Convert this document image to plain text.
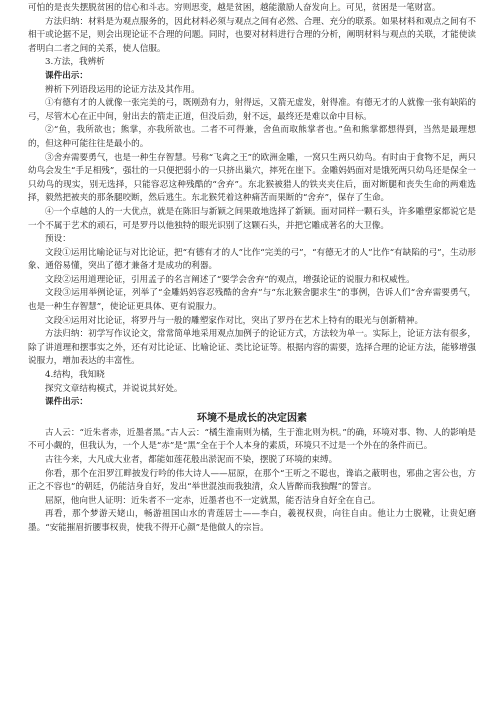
可怕的是丧失摆脱贫困的信心和斗志。穷则思变，越是贫困，越能激励人奋发向上。可见，贫困是一笔财富。

方法归纳：材料是为观点服务的，因此材料必须与观点之间有必然、合理、充分的联系。如果材料和观点之间有不相干或论据不足，则会出现论证不合理的问题。同时，也要对材料进行合理的分析，阐明材料与观点的关联，才能使读者明白二者之间的关系，使人信服。

3.方法，我辨析

课件出示：

辨析下列语段运用的论证方法及其作用。

①有德有才的人就像一张完美的弓，既刚劲有力，射得远，又箭无虚发，射得准。有德无才的人就像一张有缺陷的弓，尽管木心在正中间，射出去的箭走正道，但没后劲，射不远，最终还是难以命中目标。

②“鱼，我所欲也；熊掌，亦我所欲也。二者不可得兼，舍鱼而取熊掌者也。”鱼和熊掌都想得到，当然是最理想的，但这种可能往往是最小的。

③舍弃需要勇气，也是一种生存智慧。号称“飞禽之王”的欧洲金雕，一窝只生两只幼鸟。有时由于食物不足，两只幼鸟会发生“手足相残”，强壮的一只便把弱小的一只挤出巢穴，摔死在崖下。金雕妈妈面对是饿死两只幼鸟还是保全一只幼鸟的现实，别无选择，只能容忍这种残酷的“舍弃”。东北猴被猎人的铁夹夹住后，面对断腿和丧失生命的两难选择，毅然把被夹的那条腿咬断，然后逃生。东北猴凭着这种痛苦而果断的“舍弃”，保存了生命。

④一个卓越的人的一大优点，就是在陈旧与新颖之间果敢地选择了新颖。面对同样一颗石头，许多雕塑家都说它是一个不属于艺术的顽石，可是罗丹以他独特的眼光识别了这颗石头，并把它雕成著名的大卫像。

预设：

文段①运用比喻论证与对比论证，把“有德有才的人”比作“完美的弓”，“有德无才的人”比作“有缺陷的弓”，生动形象、通俗易懂，突出了德才兼备才是成功的利器。

文段②运用道理论证，引用孟子的名言阐述了“要学会舍弃”的观点，增强论证的说服力和权威性。

文段③运用举例论证，列举了“金雕妈妈容忍残酷的舍弃”与“东北猴舍腿求生”的事例，告诉人们“舍弃需要勇气，也是一种生存智慧”，使论证更具体、更有说服力。

文段④运用对比论证，将罗丹与一般的雕塑家作对比，突出了罗丹在艺术上特有的眼光与创新精神。

方法归纳：初学写作议论文，常常简单地采用观点加例子的论证方式，方法较为单一。实际上，论证方法有很多，除了讲道理和摆事实之外，还有对比论证、比喻论证、类比论证等。根据内容的需要，选择合理的论证方法，能够增强说服力，增加表达的丰富性。

4.结构，我知晓

探究文章结构模式，并说说其好处。

课件出示：

环境不是成长的决定因素

古人云：“近朱者赤，近墨者黑。”古人云：“橘生淮南则为橘，生于淮北则为枳。”的确，环境对事、物、人的影响是不可小觑的，但我认为，一个人是“赤”是“黑”全在于个人本身的素质，环境只不过是一个外在的条件而已。

古往今来，大凡成大业者，都能如莲花般出淤泥而不染，摆脱了环境的束缚。

你看，那个在汨罗江畔披发行吟的伟大诗人——屈原，在那个“王听之不聪也，谗谄之蔽明也，邪曲之害公也，方正之不容也”的朝廷，仍能洁身自好，发出“举世混浊而我独清，众人皆醉而我独醒”的誓言。

屈原，他向世人证明：近朱者不一定赤，近墨者也不一定就黑，能否洁身自好全在自己。

再看，那个梦游天姥山，畅游祖国山水的青莲居士——李白，羲视权贵，向往自由。他让力士脱靴，让贵妃磨墨。“安能摧眉折腰事权贵，使我不得开心颜”是他做人的宗旨。
